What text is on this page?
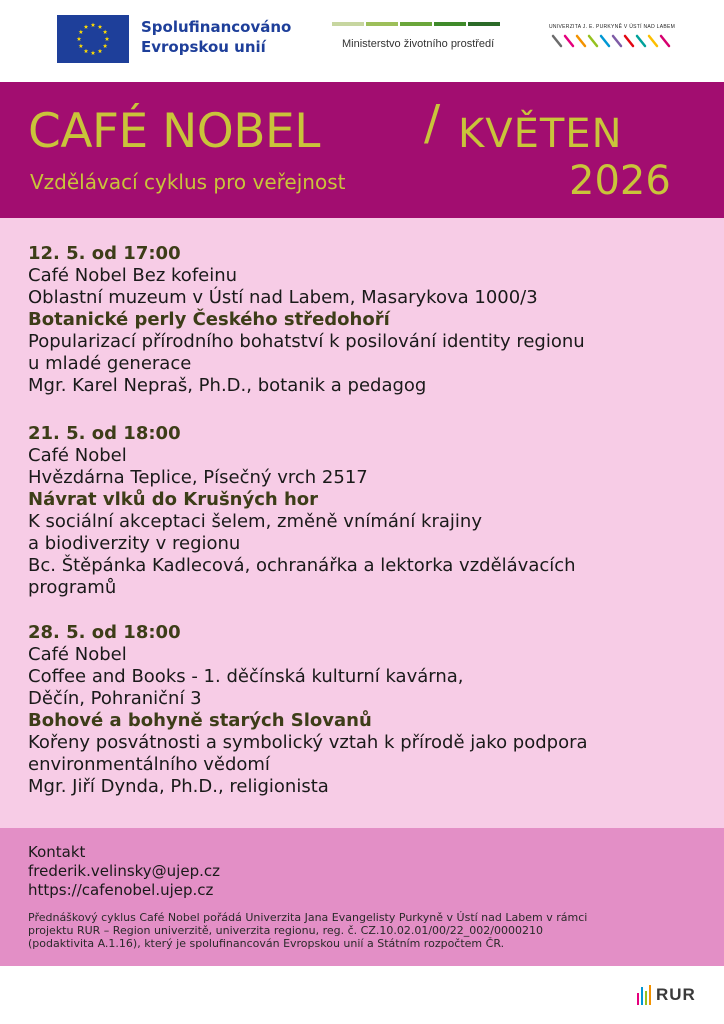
Spolufinancováno
Evropskou unií	Ministerstvo životního prostředí
UNIVERZITA J. E. PURKYNĚ V ÚSTÍ NAD LABEM
CAFÉ NOBEL / KVĚTEN
Vzdělávací cyklus pro veřejnost	2026
12. 5. od 17:00
Café Nobel Bez kofeinu
Oblastní muzeum v Ústí nad Labem, Masarykova 1000/3
Botanické perly Českého středohoří
Popularizací přírodního bohatství k posilování identity regionu
u mladé generace
Mgr. Karel Nepraš, Ph.D., botanik a pedagog
21. 5. od 18:00
Café Nobel
Hvězdárna Teplice, Písečný vrch 2517
Návrat vlků do Krušných hor
K sociální akceptaci šelem, změně vnímání krajiny
a biodiverzity v regionu
Bc. Štěpánka Kadlecová, ochranářka a lektorka vzdělávacích
programů
28. 5. od 18:00
Café Nobel
Coffee and Books - 1. děčínská kulturní kavárna,
Děčín, Pohraniční 3
Bohové a bohyně starých Slovanů
Kořeny posvátnosti a symbolický vztah k přírodě jako podpora
environmentálního vědomí
Mgr. Jiří Dynda, Ph.D., religionista
Kontakt
frederik.velinsky@ujep.cz
https://cafenobel.ujep.cz
Přednáškový cyklus Café Nobel pořádá Univerzita Jana Evangelisty Purkyně v Ústí nad Labem v rámci
projektu RUR – Region univerzitě, univerzita regionu, reg. č. CZ.10.02.01/00/22_002/0000210
(podaktivita A.1.16), který je spolufinancován Evropskou unií a Státním rozpočtem ČR.
RUR
